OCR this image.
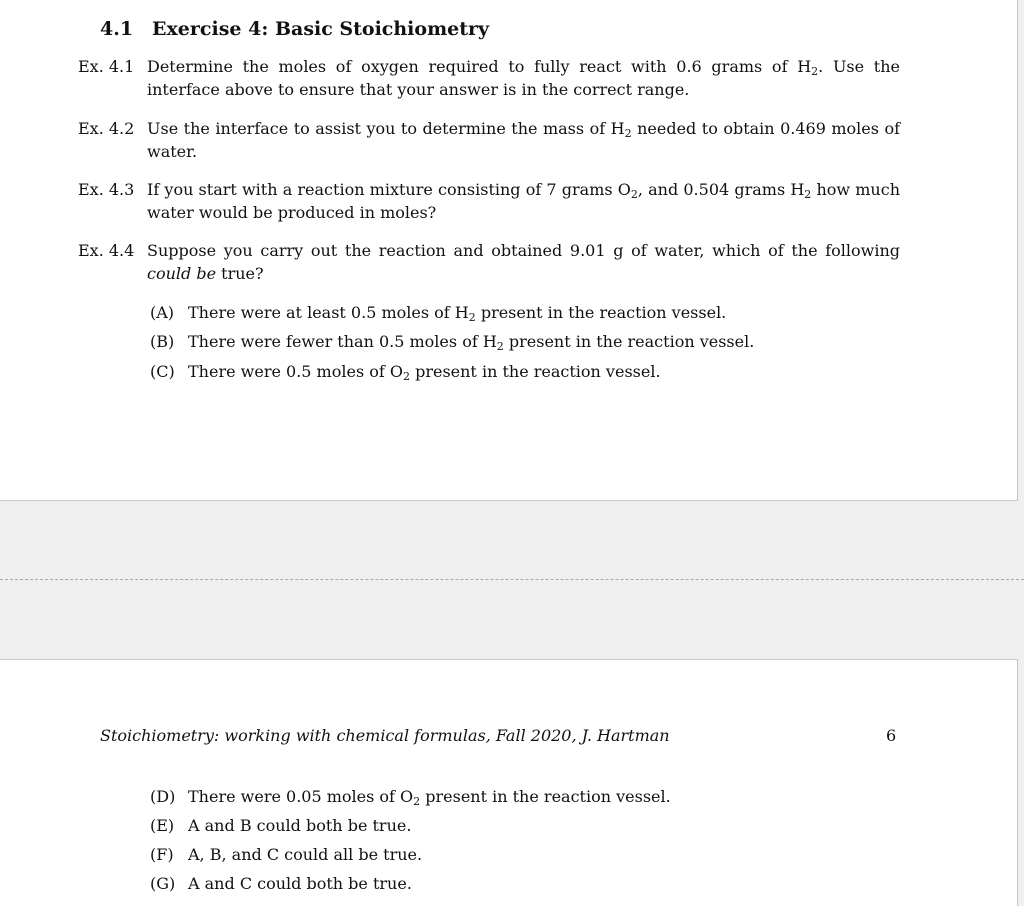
4.1 Exercise 4: Basic Stoichiometry
Ex. 4.1 Determine the moles of oxygen required to fully react with 0.6 grams of $H_2$. Use the interface above to ensure that your answer is in the correct range.
Ex. 4.2 Use the interface to assist you to determine the mass of $H_2$ needed to obtain 0.469 moles of water.
Ex. 4.3 If you start with a reaction mixture consisting of 7 grams $O_2$, and 0.504 grams $H_2$ how much water would be produced in moles?
Ex. 4.4 Suppose you carry out the reaction and obtained 9.01 g of water, which of the following could be true?
(A) There were at least 0.5 moles of $H_2$ present in the reaction vessel.
(B) There were fewer than 0.5 moles of $H_2$ present in the reaction vessel.
(C) There were 0.5 moles of $O_2$ present in the reaction vessel.
Stoichiometry: working with chemical formulas, Fall 2020, J. Hartman	6
(D) There were 0.05 moles of $O_2$ present in the reaction vessel.
(E) A and B could both be true.
(F) A, B, and C could all be true.
(G) A and C could both be true.
